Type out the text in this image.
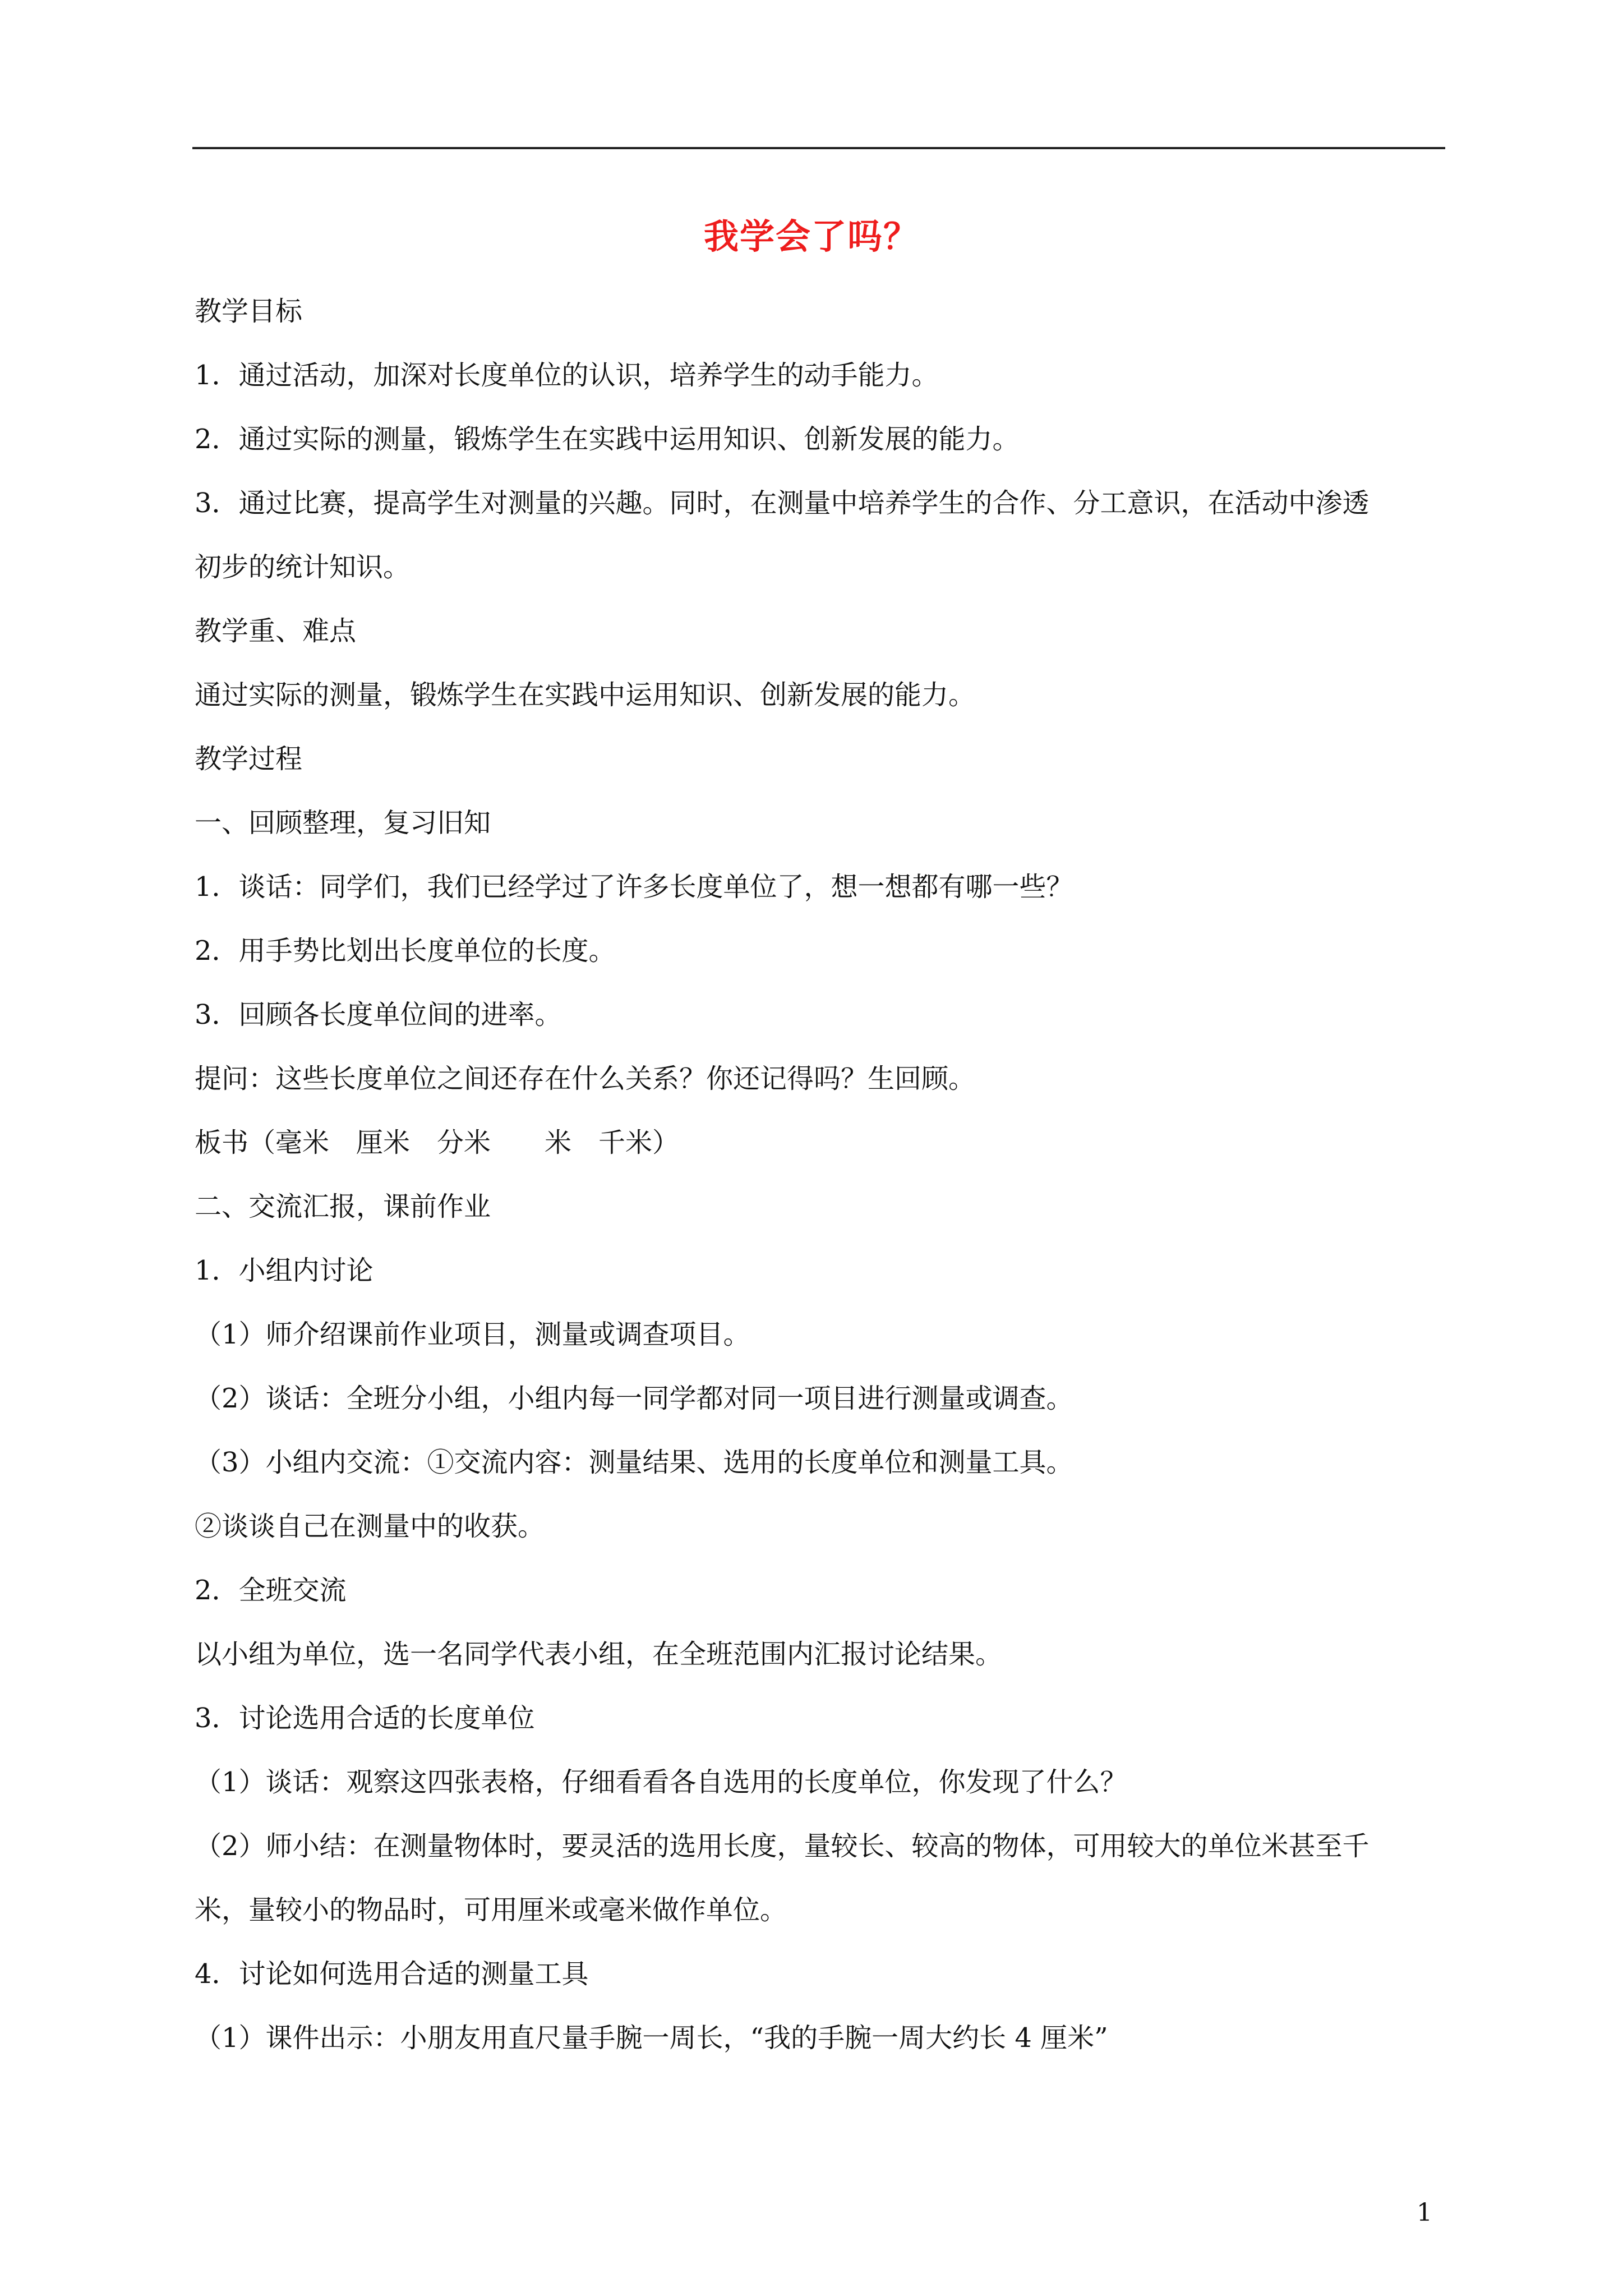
我学会了吗？
教学目标
1．通过活动，加深对长度单位的认识，培养学生的动手能力。
2．通过实际的测量，锻炼学生在实践中运用知识、创新发展的能力。
3．通过比赛，提高学生对测量的兴趣。同时，在测量中培养学生的合作、分工意识，在活动中渗透
初步的统计知识。
教学重、难点
通过实际的测量，锻炼学生在实践中运用知识、创新发展的能力。
教学过程
一、回顾整理，复习旧知
1．谈话：同学们，我们已经学过了许多长度单位了，想一想都有哪一些？
2．用手势比划出长度单位的长度。
3．回顾各长度单位间的进率。
提问：这些长度单位之间还存在什么关系？你还记得吗？生回顾。
板书（毫米　厘米　分米　　米　千米）
二、交流汇报，课前作业
1．小组内讨论
（1）师介绍课前作业项目，测量或调查项目。
（2）谈话：全班分小组，小组内每一同学都对同一项目进行测量或调查。
（3）小组内交流：①交流内容：测量结果、选用的长度单位和测量工具。
②谈谈自己在测量中的收获。
2．全班交流
以小组为单位，选一名同学代表小组，在全班范围内汇报讨论结果。
3．讨论选用合适的长度单位
（1）谈话：观察这四张表格，仔细看看各自选用的长度单位，你发现了什么？
（2）师小结：在测量物体时，要灵活的选用长度，量较长、较高的物体，可用较大的单位米甚至千
米，量较小的物品时，可用厘米或毫米做作单位。
4．讨论如何选用合适的测量工具
（1）课件出示：小朋友用直尺量手腕一周长，“我的手腕一周大约长 4 厘米”
1
